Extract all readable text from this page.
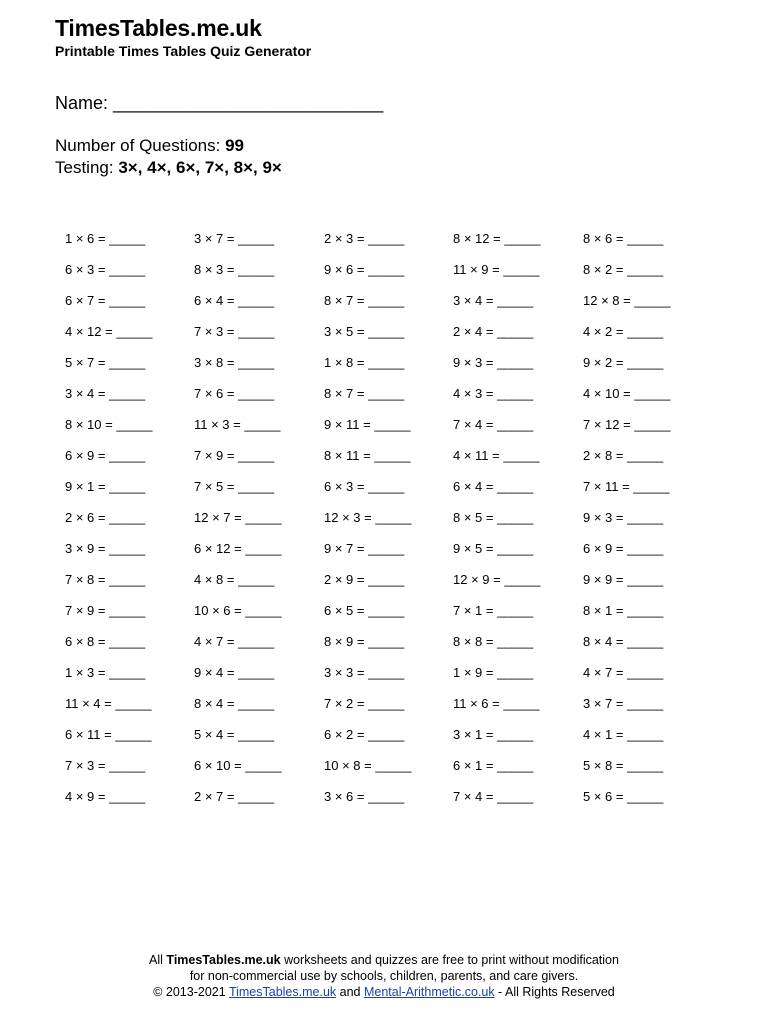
TimesTables.me.uk
Printable Times Tables Quiz Generator
Name: ___________________________
Number of Questions: 99
Testing: 3×, 4×, 6×, 7×, 8×, 9×
1 × 6 = _____	3 × 7 = _____	2 × 3 = _____	8 × 12 = _____	8 × 6 = _____
6 × 3 = _____	8 × 3 = _____	9 × 6 = _____	11 × 9 = _____	8 × 2 = _____
6 × 7 = _____	6 × 4 = _____	8 × 7 = _____	3 × 4 = _____	12 × 8 = _____
4 × 12 = _____	7 × 3 = _____	3 × 5 = _____	2 × 4 = _____	4 × 2 = _____
5 × 7 = _____	3 × 8 = _____	1 × 8 = _____	9 × 3 = _____	9 × 2 = _____
3 × 4 = _____	7 × 6 = _____	8 × 7 = _____	4 × 3 = _____	4 × 10 = _____
8 × 10 = _____	11 × 3 = _____	9 × 11 = _____	7 × 4 = _____	7 × 12 = _____
6 × 9 = _____	7 × 9 = _____	8 × 11 = _____	4 × 11 = _____	2 × 8 = _____
9 × 1 = _____	7 × 5 = _____	6 × 3 = _____	6 × 4 = _____	7 × 11 = _____
2 × 6 = _____	12 × 7 = _____	12 × 3 = _____	8 × 5 = _____	9 × 3 = _____
3 × 9 = _____	6 × 12 = _____	9 × 7 = _____	9 × 5 = _____	6 × 9 = _____
7 × 8 = _____	4 × 8 = _____	2 × 9 = _____	12 × 9 = _____	9 × 9 = _____
7 × 9 = _____	10 × 6 = _____	6 × 5 = _____	7 × 1 = _____	8 × 1 = _____
6 × 8 = _____	4 × 7 = _____	8 × 9 = _____	8 × 8 = _____	8 × 4 = _____
1 × 3 = _____	9 × 4 = _____	3 × 3 = _____	1 × 9 = _____	4 × 7 = _____
11 × 4 = _____	8 × 4 = _____	7 × 2 = _____	11 × 6 = _____	3 × 7 = _____
6 × 11 = _____	5 × 4 = _____	6 × 2 = _____	3 × 1 = _____	4 × 1 = _____
7 × 3 = _____	6 × 10 = _____	10 × 8 = _____	6 × 1 = _____	5 × 8 = _____
4 × 9 = _____	2 × 7 = _____	3 × 6 = _____	7 × 4 = _____	5 × 6 = _____
All TimesTables.me.uk worksheets and quizzes are free to print without modification
for non-commercial use by schools, children, parents, and care givers.
© 2013-2021 TimesTables.me.uk and Mental-Arithmetic.co.uk - All Rights Reserved
